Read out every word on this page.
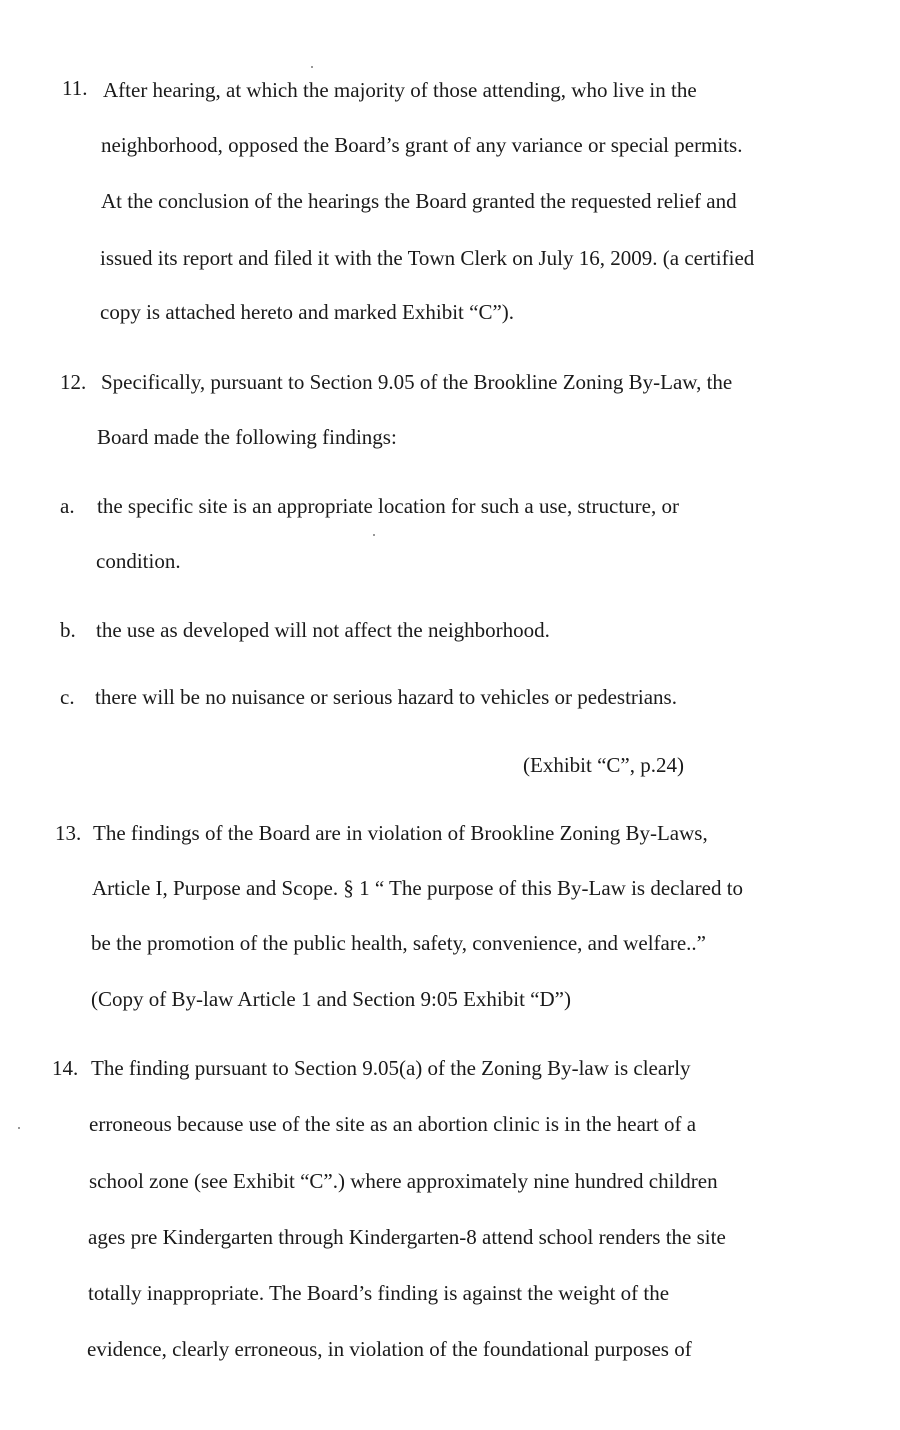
11. After hearing, at which the majority of those attending, who live in the
neighborhood, opposed the Board’s grant of any variance or special permits.
At the conclusion of the hearings the Board granted the requested relief and
issued its report and filed it with the Town Clerk on July 16, 2009. (a certified
copy is attached hereto and marked Exhibit “C”).
12. Specifically, pursuant to Section 9.05 of the Brookline Zoning By-Law, the
Board made the following findings:
a. the specific site is an appropriate location for such a use, structure, or
condition.
b. the use as developed will not affect the neighborhood.
c. there will be no nuisance or serious hazard to vehicles or pedestrians.
(Exhibit “C”, p.24)
13. The findings of the Board are in violation of Brookline Zoning By-Laws,
Article I, Purpose and Scope. § 1 “ The purpose of this By-Law is declared to
be the promotion of the public health, safety, convenience, and welfare..”
(Copy of By-law Article 1 and Section 9:05 Exhibit “D”)
14. The finding pursuant to Section 9.05(a) of the Zoning By-law is clearly
erroneous because use of the site as an abortion clinic is in the heart of a
school zone (see Exhibit “C”.) where approximately nine hundred children
ages pre Kindergarten through Kindergarten-8 attend school renders the site
totally inappropriate. The Board’s finding is against the weight of the
evidence, clearly erroneous, in violation of the foundational purposes of
